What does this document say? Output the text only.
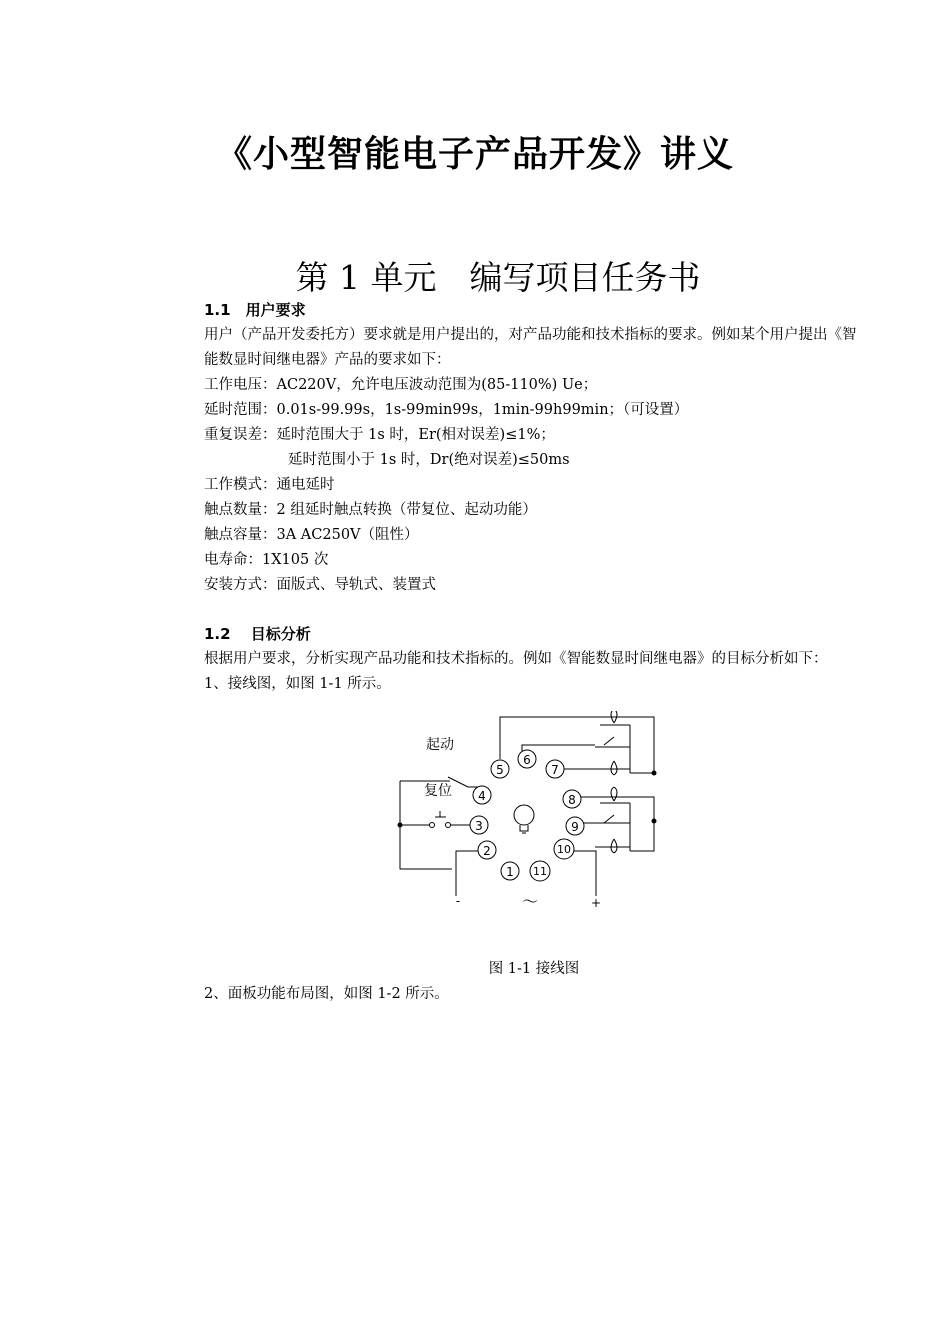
《小型智能电子产品开发》讲义
第 1 单元　编写项目任务书
1.1　用户要求
用户（产品开发委托方）要求就是用户提出的，对产品功能和技术指标的要求。例如某个用户提出《智能数显时间继电器》产品的要求如下：
工作电压：AC220V，允许电压波动范围为(85-110%) Ue；
延时范围：0.01s-99.99s，1s-99min99s，1min-99h99min；（可设置）
重复误差：延时范围大于 1s 时，Er(相对误差)≤1%；
延时范围小于 1s 时，Dr(绝对误差)≤50ms
工作模式：通电延时
触点数量：2 组延时触点转换（带复位、起动功能）
触点容量：3A AC250V（阻性）
电寿命：1X105 次
安装方式：面版式、导轨式、装置式
1.2　 目标分析
根据用户要求，分析实现产品功能和技术指标的。例如《智能数显时间继电器》的目标分析如下：
1、接线图，如图 1-1 所示。
1
2
3
4
5
6
7
8
9
10
11
起动
复位
-	～	+
图 1-1 接线图
2、面板功能布局图，如图 1-2 所示。
